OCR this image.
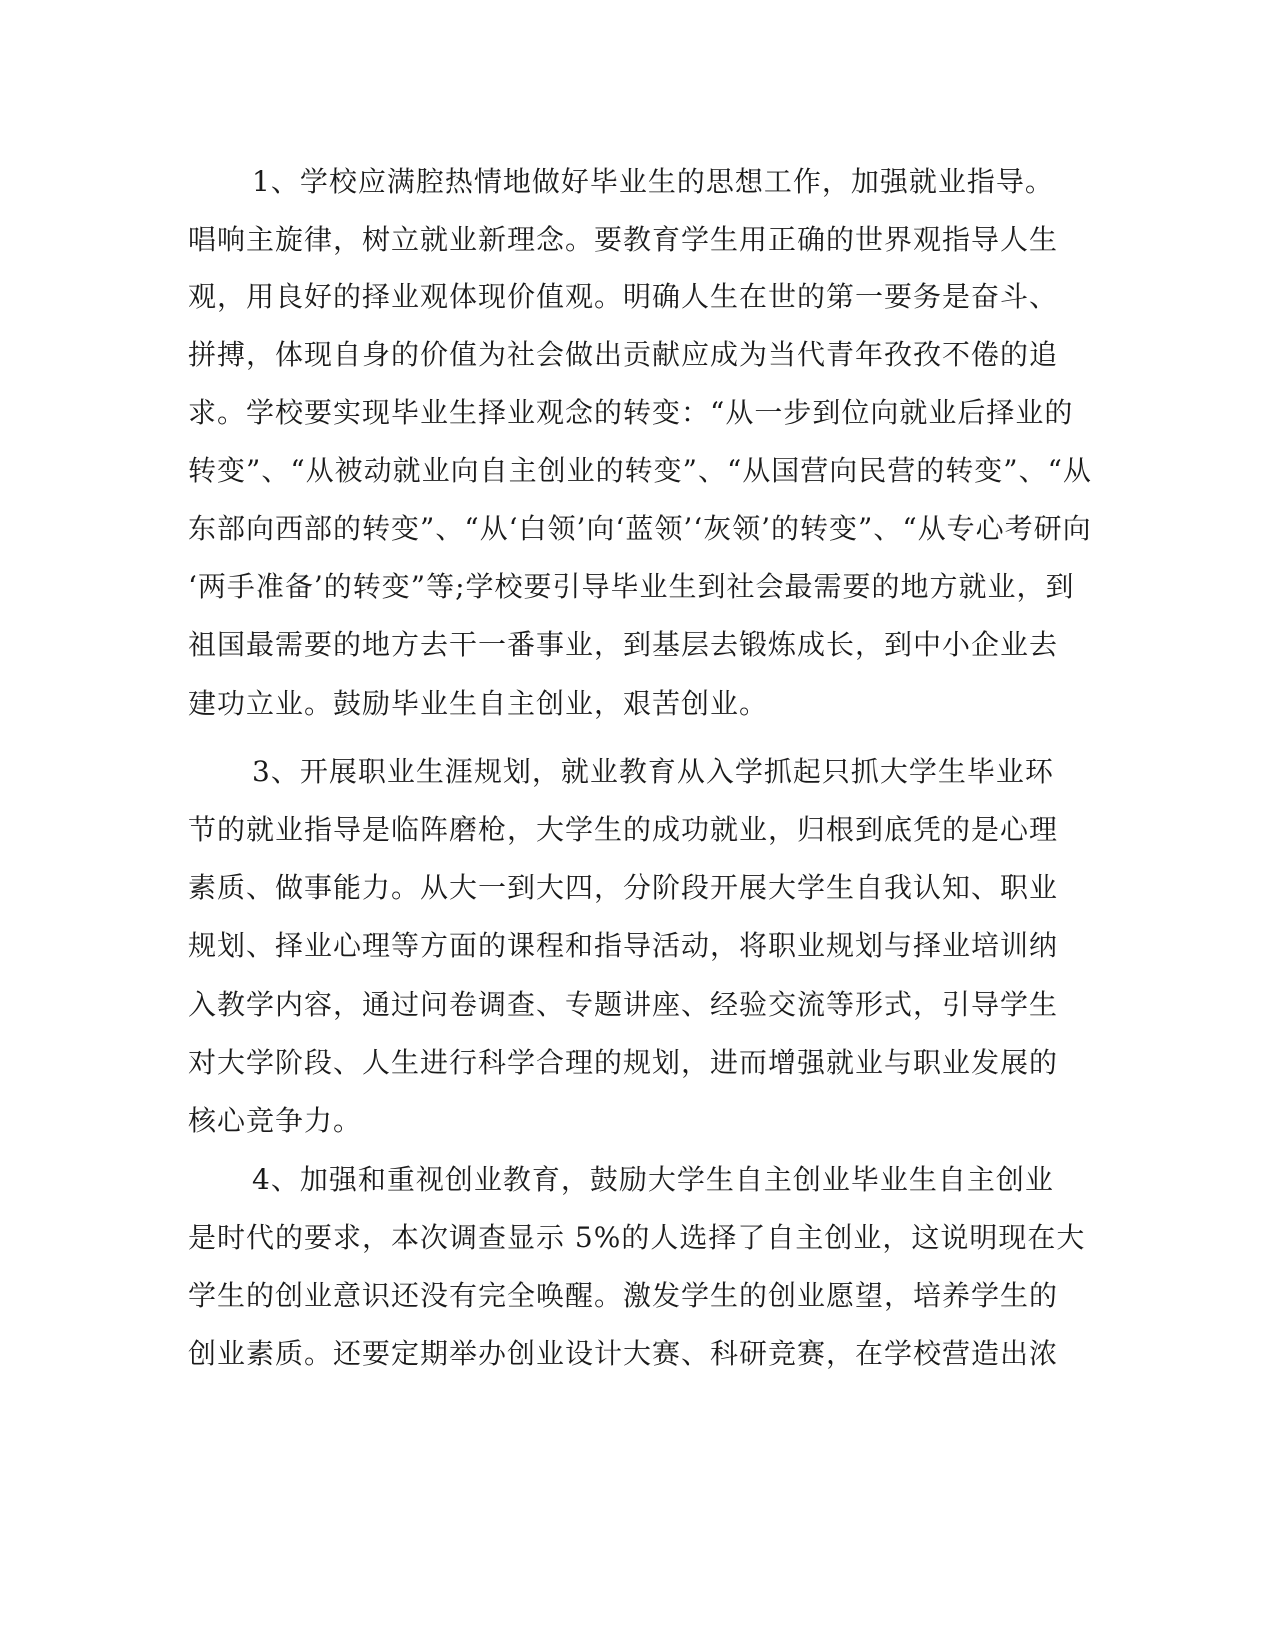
1、学校应满腔热情地做好毕业生的思想工作，加强就业指导。
唱响主旋律，树立就业新理念。要教育学生用正确的世界观指导人生
观，用良好的择业观体现价值观。明确人生在世的第一要务是奋斗、
拼搏，体现自身的价值为社会做出贡献应成为当代青年孜孜不倦的追
求。学校要实现毕业生择业观念的转变：“从一步到位向就业后择业的
转变”、“从被动就业向自主创业的转变”、“从国营向民营的转变”、“从
东部向西部的转变”、“从‘白领’向‘蓝领’‘灰领’的转变”、“从专心考研向
‘两手准备’的转变”等;学校要引导毕业生到社会最需要的地方就业，到
祖国最需要的地方去干一番事业，到基层去锻炼成长，到中小企业去
建功立业。鼓励毕业生自主创业，艰苦创业。
3、开展职业生涯规划，就业教育从入学抓起只抓大学生毕业环
节的就业指导是临阵磨枪，大学生的成功就业，归根到底凭的是心理
素质、做事能力。从大一到大四，分阶段开展大学生自我认知、职业
规划、择业心理等方面的课程和指导活动，将职业规划与择业培训纳
入教学内容，通过问卷调查、专题讲座、经验交流等形式，引导学生
对大学阶段、人生进行科学合理的规划，进而增强就业与职业发展的
核心竞争力。
4、加强和重视创业教育，鼓励大学生自主创业毕业生自主创业
是时代的要求，本次调查显示 5%的人选择了自主创业，这说明现在大
学生的创业意识还没有完全唤醒。激发学生的创业愿望，培养学生的
创业素质。还要定期举办创业设计大赛、科研竞赛，在学校营造出浓
